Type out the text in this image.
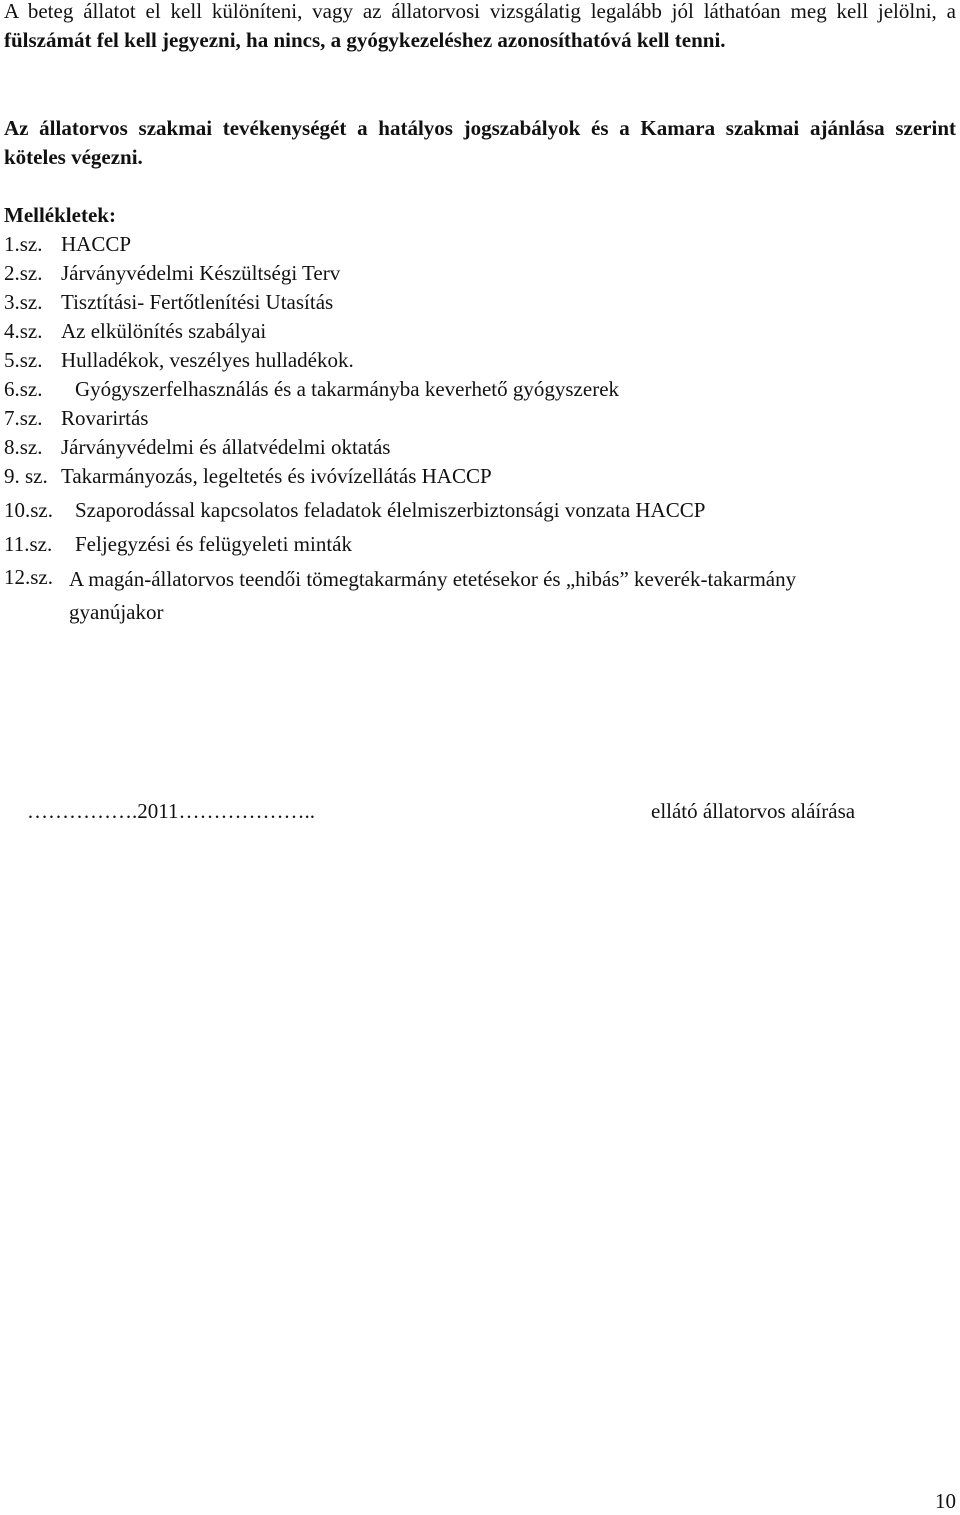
A beteg állatot el kell különíteni, vagy az állatorvosi vizsgálatig legalább jól láthatóan meg kell jelölni, a fülszámát fel kell jegyezni, ha nincs, a gyógykezeléshez azonosíthatóvá kell tenni.
Az állatorvos szakmai tevékenységét a hatályos jogszabályok és a Kamara szakmai ajánlása szerint köteles végezni.
Mellékletek:
1.sz. HACCP
2.sz. Járványvédelmi Készültségi Terv
3.sz. Tisztítási- Fertőtlenítési Utasítás
4.sz. Az elkülönítés szabályai
5.sz. Hulladékok, veszélyes hulladékok.
6.sz.	Gyógyszerfelhasználás és a takarmányba keverhető gyógyszerek
7.sz. Rovarirtás
8.sz. Járványvédelmi és állatvédelmi oktatás
9. sz. Takarmányozás, legeltetés és ivóvízellátás HACCP
10.sz.	Szaporodással kapcsolatos feladatok élelmiszerbiztonsági vonzata HACCP
11.sz.	Feljegyzési és felügyeleti minták
12.sz. A magán-állatorvos teendői tömegtakarmány etetésekor és „hibás” keverék-takarmány gyanújakor
…………….2011………………..	ellátó állatorvos aláírása
10
